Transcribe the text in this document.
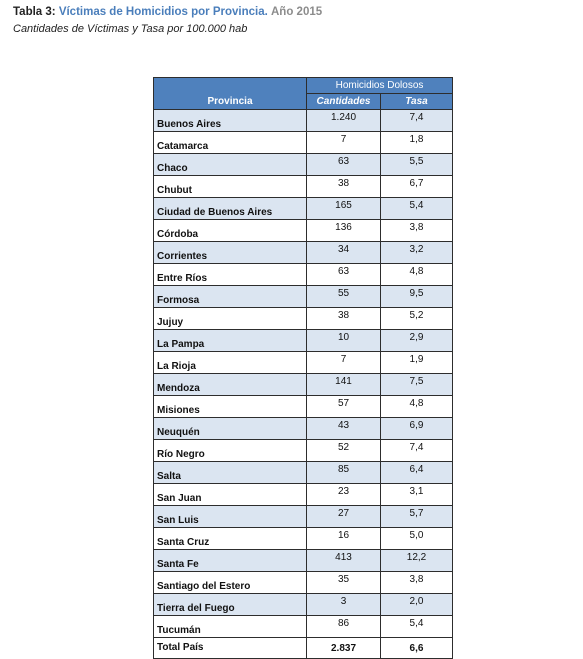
Tabla 3: Víctimas de Homicidios por Provincia. Año 2015
Cantidades de Víctimas y Tasa por 100.000 hab
	Homicidios Dolosos	
Provincia	Cantidades	Tasa
Buenos Aires	1.240	7,4
Catamarca	7	1,8
Chaco	63	5,5
Chubut	38	6,7
Ciudad de Buenos Aires	165	5,4
Córdoba	136	3,8
Corrientes	34	3,2
Entre Ríos	63	4,8
Formosa	55	9,5
Jujuy	38	5,2
La Pampa	10	2,9
La Rioja	7	1,9
Mendoza	141	7,5
Misiones	57	4,8
Neuquén	43	6,9
Río Negro	52	7,4
Salta	85	6,4
San Juan	23	3,1
San Luis	27	5,7
Santa Cruz	16	5,0
Santa Fe	413	12,2
Santiago del Estero	35	3,8
Tierra del Fuego	3	2,0
Tucumán	86	5,4
Total País	2.837	6,6
